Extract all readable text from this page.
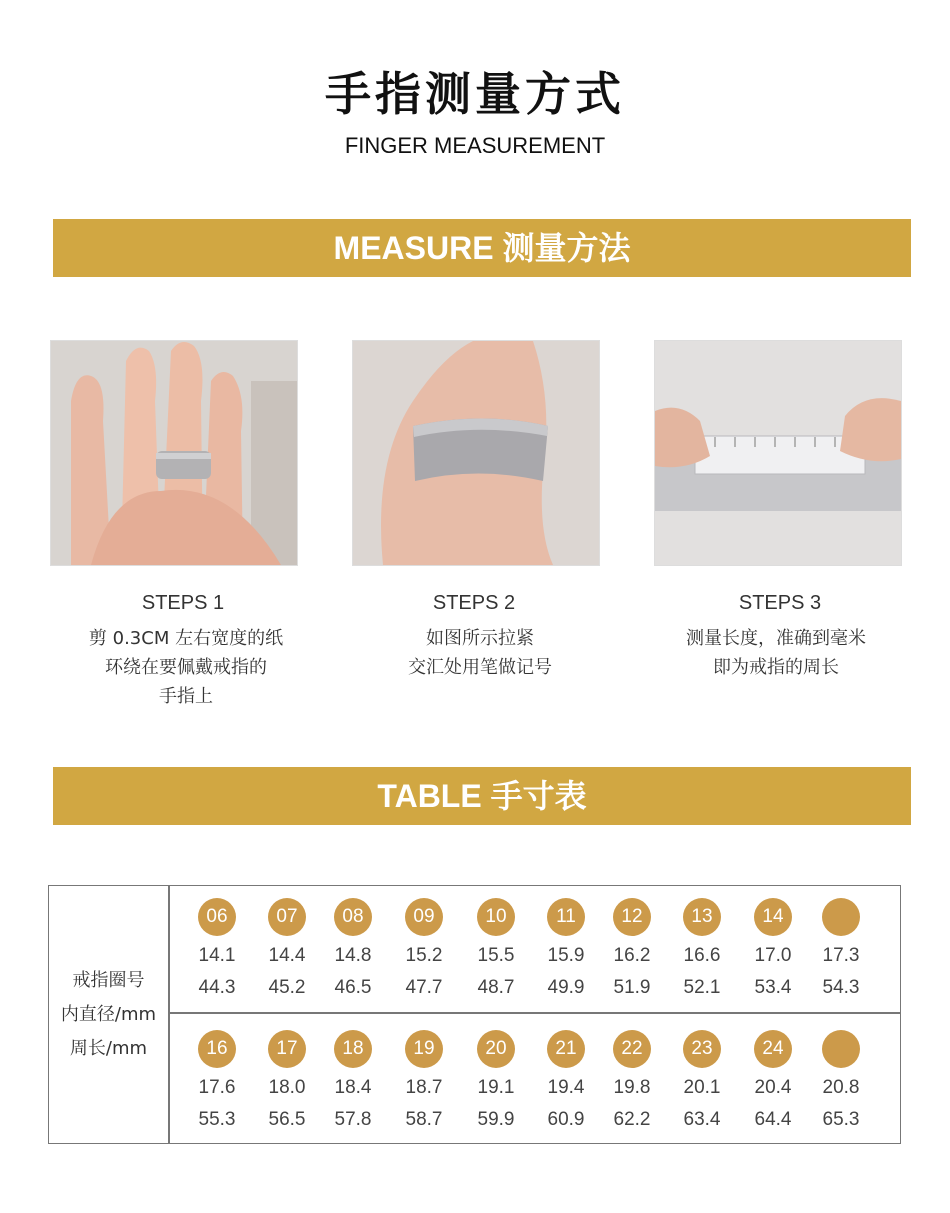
手指测量方式
FINGER MEASUREMENT
MEASURE 测量方法
STEPS 1
剪 0.3CM 左右宽度的纸
环绕在要佩戴戒指的
手指上
STEPS 2
如图所示拉紧
交汇处用笔做记号
STEPS 3
测量长度，准确到毫米
即为戒指的周长
TABLE 手寸表
戒指圈号
内直径/mm
周长/mm
06
14.1
44.3
07
14.4
45.2
08
14.8
46.5
09
15.2
47.7
10
15.5
48.7
11
15.9
49.9
12
16.2
51.9
13
16.6
52.1
14
17.0
53.4
17.3
54.3
16
17.6
55.3
17
18.0
56.5
18
18.4
57.8
19
18.7
58.7
20
19.1
59.9
21
19.4
60.9
22
19.8
62.2
23
20.1
63.4
24
20.4
64.4
20.8
65.3
